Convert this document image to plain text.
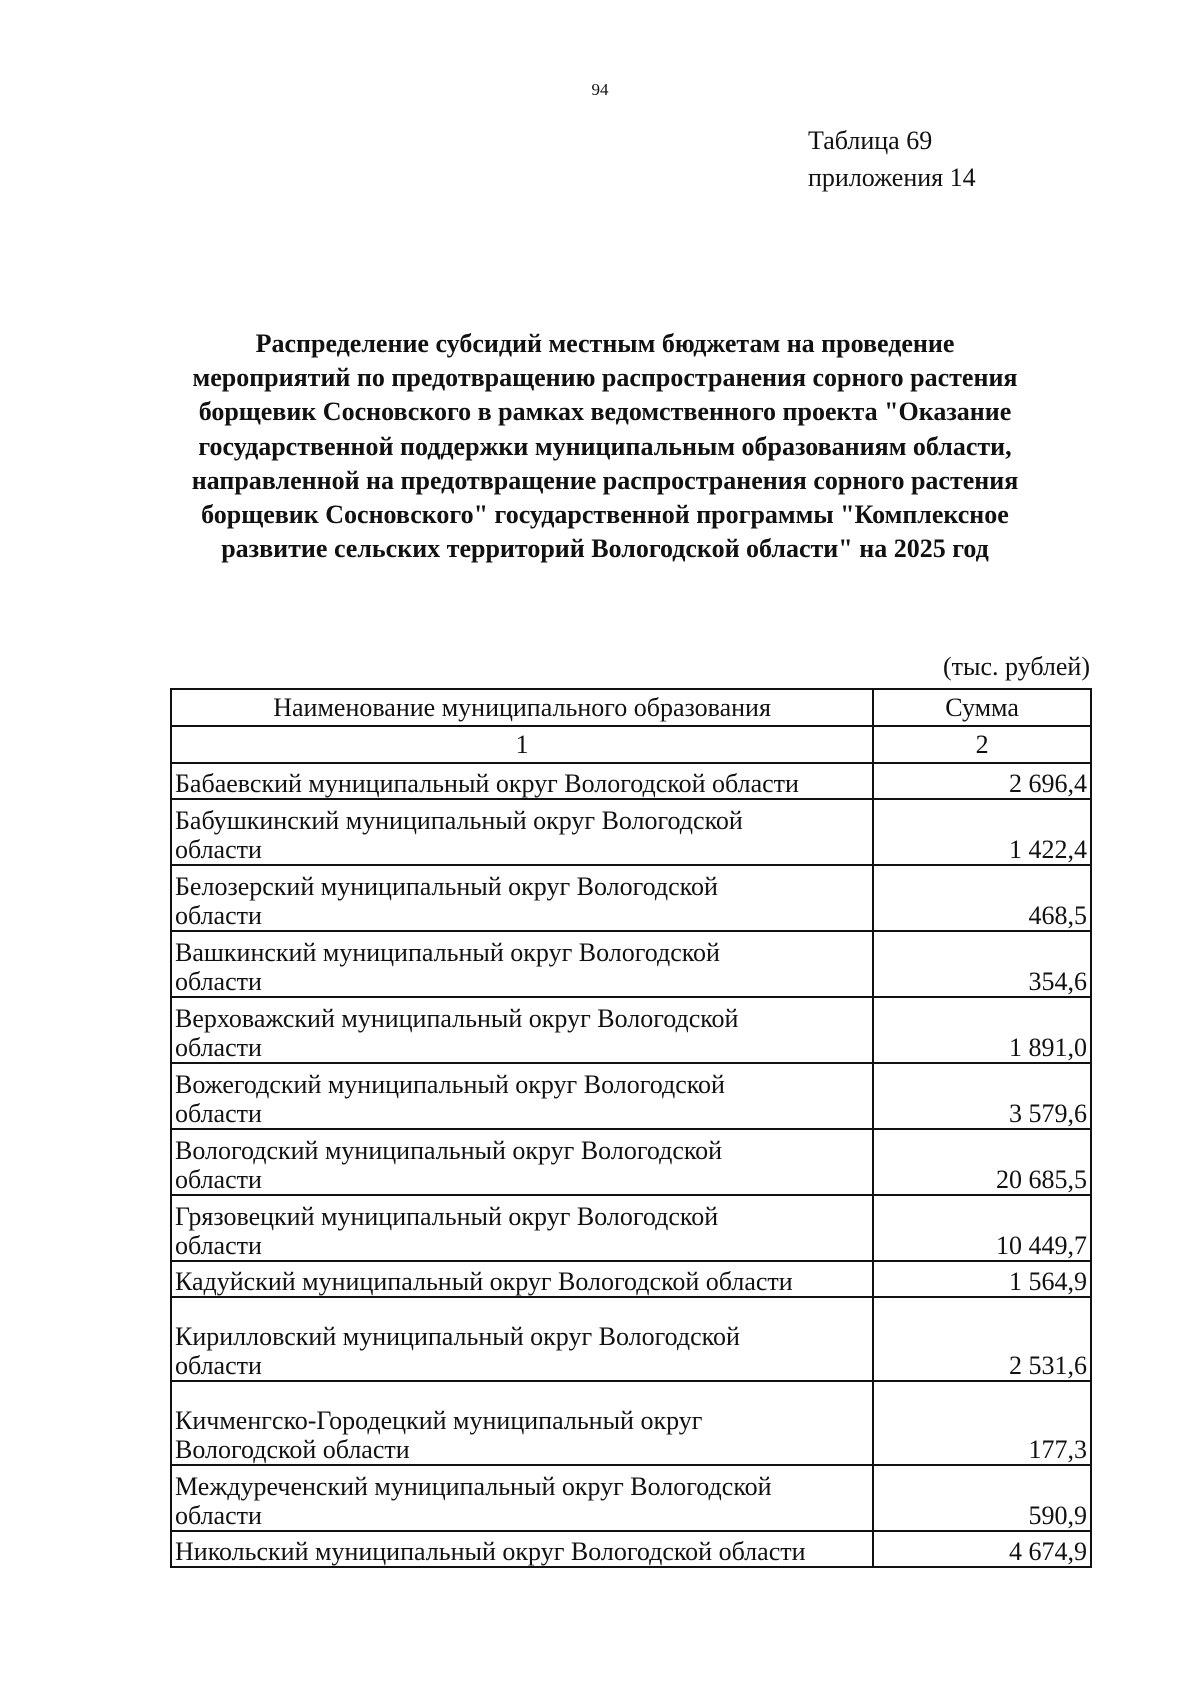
94
Таблица 69
приложения 14
Распределение субсидий местным бюджетам на проведение
мероприятий по предотвращению распространения сорного растения
борщевик Сосновского в рамках ведомственного проекта "Оказание
государственной поддержки муниципальным образованиям области,
направленной на предотвращение распространения сорного растения
борщевик Сосновского" государственной программы "Комплексное
развитие сельских территорий Вологодской области" на 2025 год
(тыс. рублей)
Наименование муниципального образования	Сумма
1	2

Бабаевский муниципальный округ Вологодской области	2 696,4

Бабушкинский муниципальный округ Вологодской
области	1 422,4

Белозерский муниципальный округ Вологодской
области	468,5

Вашкинский муниципальный округ Вологодской
области	354,6

Верховажский муниципальный округ Вологодской
области	1 891,0

Вожегодский муниципальный округ Вологодской
области	3 579,6

Вологодский муниципальный округ Вологодской
области	20 685,5

Грязовецкий муниципальный округ Вологодской
области	10 449,7

Кадуйский муниципальный округ Вологодской области	1 564,9

Кирилловский муниципальный округ Вологодской
области	2 531,6

Кичменгско-Городецкий муниципальный округ
Вологодской области	177,3

Междуреченский муниципальный округ Вологодской
области	590,9

Никольский муниципальный округ Вологодской области	4 674,9
